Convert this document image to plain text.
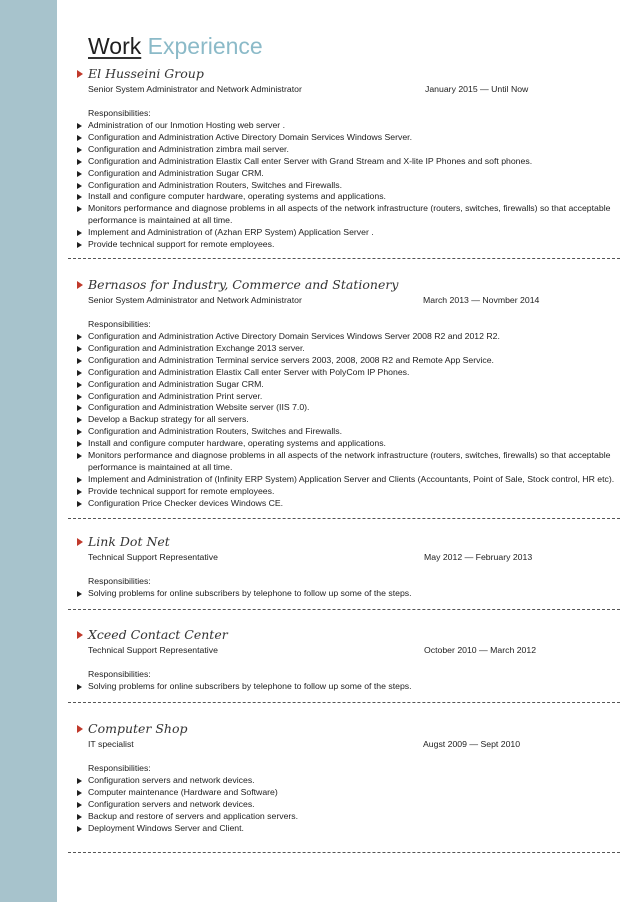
Work Experience
El Husseini Group
Senior System Administrator and Network Administrator	January 2015 — Until Now
Responsibilities:
Administration of our Inmotion Hosting web server .
Configuration and Administration Active Directory Domain Services Windows Server.
Configuration and Administration zimbra mail server.
Configuration and Administration Elastix Call enter Server with Grand Stream and X-lite IP Phones and soft phones.
Configuration and Administration Sugar CRM.
Configuration and Administration Routers, Switches and Firewalls.
Install and configure computer hardware, operating systems and applications.
Monitors performance and diagnose problems in all aspects of the network infrastructure (routers, switches, firewalls) so that acceptable performance is maintained at all time.
Implement and Administration of (Azhan ERP System) Application Server .
Provide technical support for remote employees.
Bernasos for Industry, Commerce and Stationery
Senior System Administrator and Network Administrator	March 2013 — Novmber 2014
Responsibilities:
Configuration and Administration Active Directory Domain Services Windows Server 2008 R2 and 2012 R2.
Configuration and Administration Exchange 2013 server.
Configuration and Administration Terminal service servers 2003, 2008, 2008 R2 and Remote App Service.
Configuration and Administration Elastix Call enter Server with PolyCom IP Phones.
Configuration and Administration Sugar CRM.
Configuration and Administration Print server.
Configuration and Administration Website server (IIS 7.0).
Develop a Backup strategy for all servers.
Configuration and Administration Routers, Switches and Firewalls.
Install and configure computer hardware, operating systems and applications.
Monitors performance and diagnose problems in all aspects of the network infrastructure (routers, switches, firewalls) so that acceptable performance is maintained at all time.
Implement and Administration of (Infinity ERP System) Application Server and Clients (Accountants, Point of Sale, Stock control, HR etc).
Provide technical support for remote employees.
Configuration Price Checker devices Windows CE.
Link Dot Net
Technical Support Representative	May 2012 — February 2013
Responsibilities:
Solving problems for online subscribers by telephone to follow up some of the steps.
Xceed Contact Center
Technical Support Representative	October 2010 — March 2012
Responsibilities:
Solving problems for online subscribers by telephone to follow up some of the steps.
Computer Shop
IT specialist	Augst 2009 — Sept 2010
Responsibilities:
Configuration servers and network devices.
Computer maintenance (Hardware and Software)
Configuration servers and network devices.
Backup and restore of servers and application servers.
Deployment Windows Server and Client.
